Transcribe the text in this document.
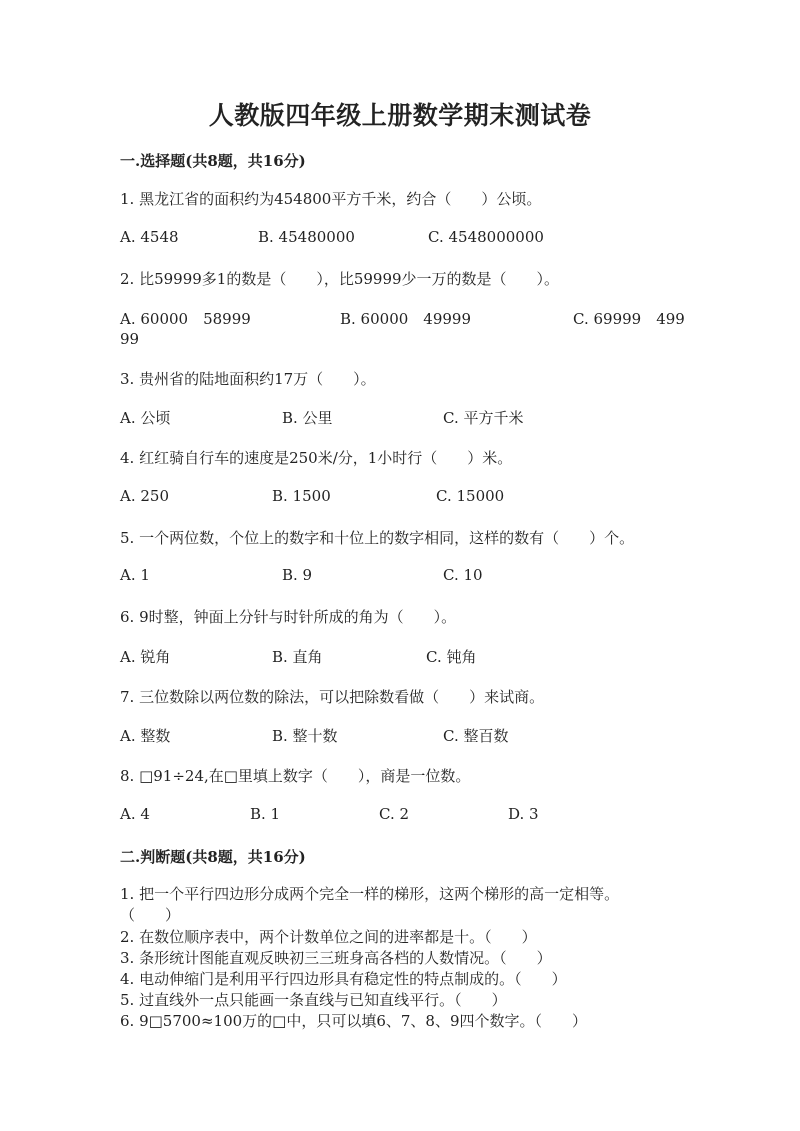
人教版四年级上册数学期末测试卷
一.选择题(共8题，共16分)
1. 黑龙江省的面积约为454800平方千米，约合（　　）公顷。
A. 4548	B. 45480000	C. 4548000000
2. 比59999多1的数是（　　），比59999少一万的数是（　　）。
A. 60000　58999	B. 60000　49999	C. 69999　499
99
3. 贵州省的陆地面积约17万（　　）。
A. 公顷	B. 公里	C. 平方千米
4. 红红骑自行车的速度是250米/分，1小时行（　　）米。
A. 250	B. 1500	C. 15000
5. 一个两位数，个位上的数字和十位上的数字相同，这样的数有（　　）个。
A. 1	B. 9	C. 10
6. 9时整，钟面上分针与时针所成的角为（　　）。
A. 锐角	B. 直角	C. 钝角
7. 三位数除以两位数的除法，可以把除数看做（　　）来试商。
A. 整数	B. 整十数	C. 整百数
8. □91÷24,在□里填上数字（　　），商是一位数。
A. 4	B. 1	C. 2	D. 3
二.判断题(共8题，共16分)
1. 把一个平行四边形分成两个完全一样的梯形，这两个梯形的高一定相等。
（　　）
2. 在数位顺序表中，两个计数单位之间的进率都是十。（　　）
3. 条形统计图能直观反映初三三班身高各档的人数情况。（　　）
4. 电动伸缩门是利用平行四边形具有稳定性的特点制成的。（　　）
5. 过直线外一点只能画一条直线与已知直线平行。（　　）
6. 9□5700≈100万的□中，只可以填6、7、8、9四个数字。（　　）
